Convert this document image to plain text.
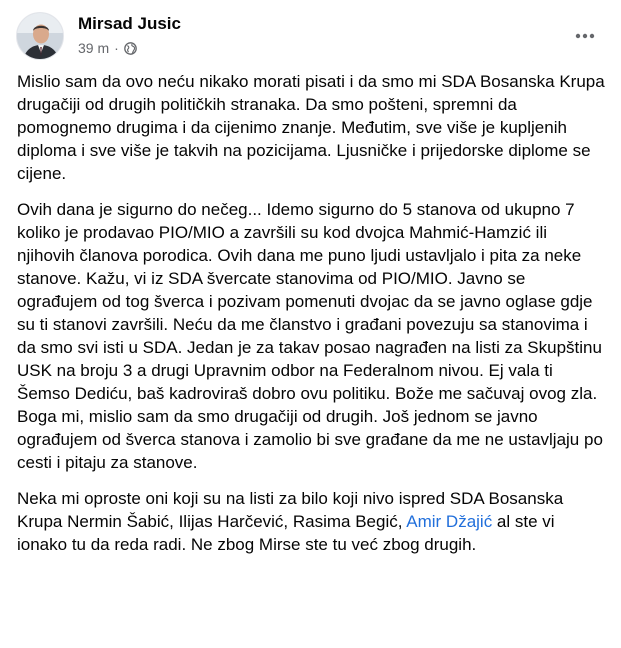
Mirsad Jusic
39 m ·

Mislio sam da ovo neću nikako morati pisati i da smo mi SDA Bosanska Krupa drugačiji od drugih političkih stranaka. Da smo pošteni, spremni da pomognemo drugima i da cijenimo znanje. Međutim, sve više je kupljenih diploma i sve više je takvih na pozicijama. Ljusničke i prijedorske diplome se cijene.

Ovih dana je sigurno do nečeg... Idemo sigurno do 5 stanova od ukupno 7 koliko je prodavao PIO/MIO a završili su kod dvojca Mahmić-Hamzić ili njihovih članova porodica. Ovih dana me puno ljudi ustavljalo i pita za neke stanove. Kažu, vi iz SDA švercate stanovima od PIO/MIO. Javno se ograđujem od tog šverca i pozivam pomenuti dvojac da se javno oglase gdje su ti stanovi završili. Neću da me članstvo i građani povezuju sa stanovima i da smo svi isti u SDA. Jedan je za takav posao nagrađen na listi za Skupštinu USK na broju 3 a drugi Upravnim odbor na Federalnom nivou. Ej vala ti Šemso Dediću, baš kadroviraš dobro ovu politiku. Bože me sačuvaj ovog zla. Boga mi, mislio sam da smo drugačiji od drugih. Još jednom se javno ograđujem od šverca stanova i zamolio bi sve građane da me ne ustavljaju po cesti i pitaju za stanove.

Neka mi oproste oni koji su na listi za bilo koji nivo ispred SDA Bosanska Krupa Nermin Šabić, Ilijas Harčević, Rasima Begić, Amir Džajić al ste vi ionako tu da reda radi. Ne zbog Mirse ste tu već zbog drugih.
